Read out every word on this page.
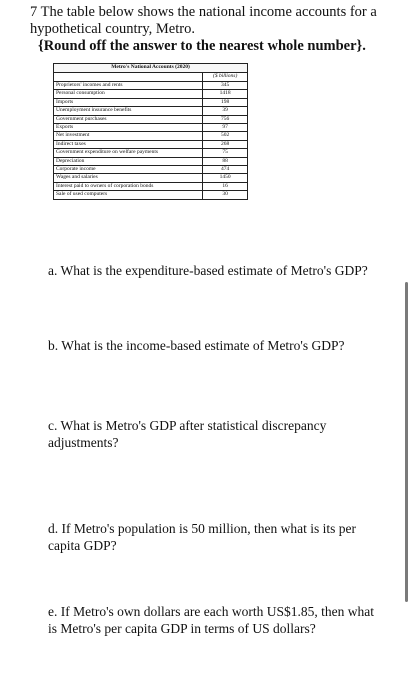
7 The table below shows the national income accounts for a hypothetical country, Metro.
{Round off the answer to the nearest whole number}.
Metro's National Accounts (2020)	
	($ billions)
Proprietors' incomes and rents	345
Personal consumption	1418
Imports	198
Unemployment insurance benefits	39
Government purchases	756
Exports	97
Net investment	502
Indirect taxes	268
Government expenditure on welfare payments	75
Depreciation	88
Corporate income	474
Wages and salaries	1450
Interest paid to owners of corporation bonds	16
Sale of used computers	30
a. What is the expenditure-based estimate of Metro's GDP?
b. What is the income-based estimate of Metro's GDP?
c. What is Metro's GDP after statistical discrepancy adjustments?
d. If Metro's population is 50 million, then what is its per capita GDP?
e. If Metro's own dollars are each worth US$1.85, then what is Metro's per capita GDP in terms of US dollars?
